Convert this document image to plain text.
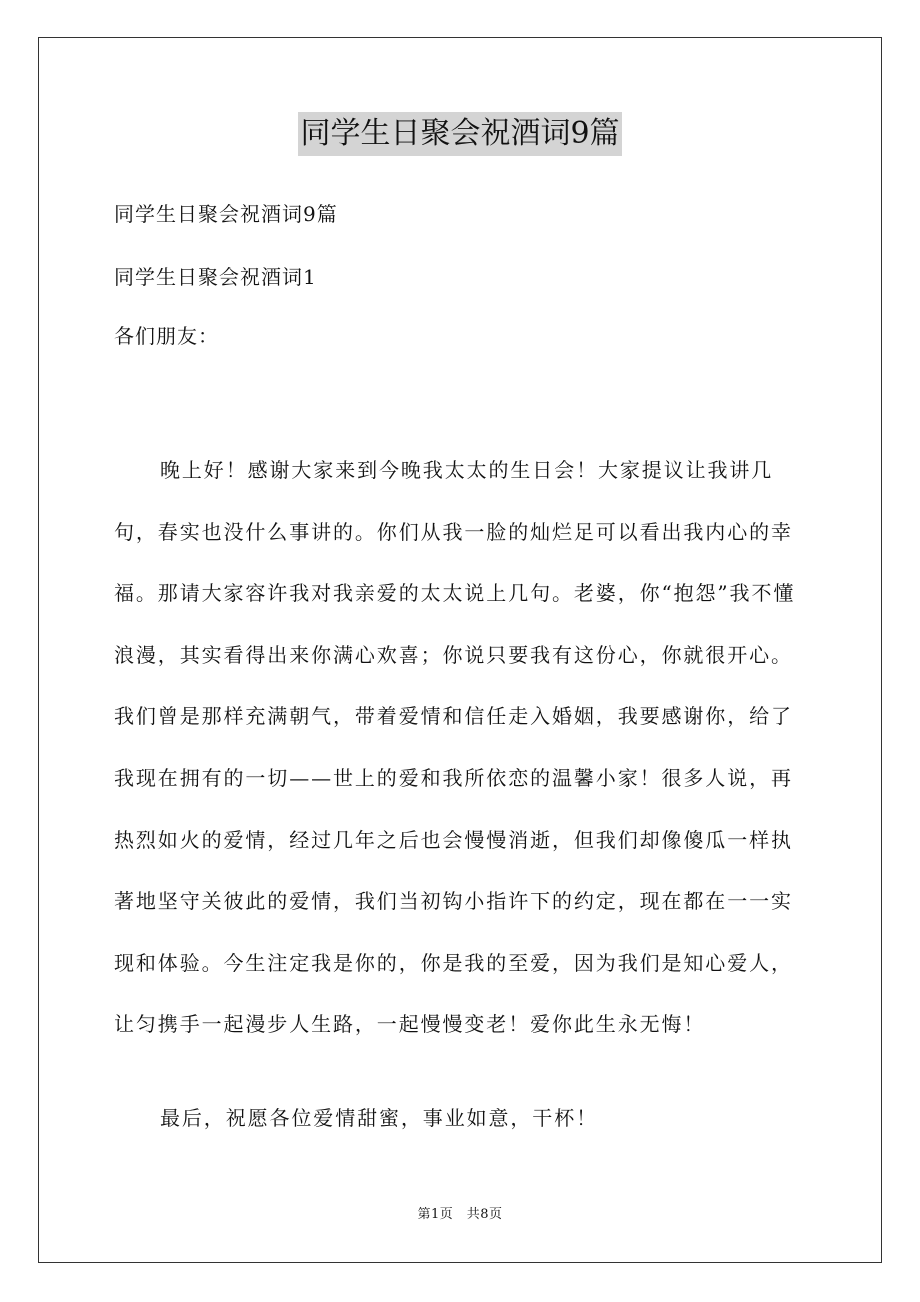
同学生日聚会祝酒词9篇
同学生日聚会祝酒词9篇
同学生日聚会祝酒词1
各们朋友：

晚上好！感谢大家来到今晚我太太的生日会！大家提议让我讲几句，春实也没什么事讲的。你们从我一脸的灿烂足可以看出我内心的幸福。那请大家容许我对我亲爱的太太说上几句。老婆，你“抱怨”我不懂浪漫，其实看得出来你满心欢喜；你说只要我有这份心，你就很开心。我们曾是那样充满朝气，带着爱情和信任走入婚姻，我要感谢你，给了我现在拥有的一切——世上的爱和我所依恋的温馨小家！很多人说，再热烈如火的爱情，经过几年之后也会慢慢消逝，但我们却像傻瓜一样执著地坚守关彼此的爱情，我们当初钩小指许下的约定，现在都在一一实现和体验。今生注定我是你的，你是我的至爱，因为我们是知心爱人，让匀携手一起漫步人生路，一起慢慢变老！爱你此生永无悔！

最后，祝愿各位爱情甜蜜，事业如意，干杯！
第1页　共8页
